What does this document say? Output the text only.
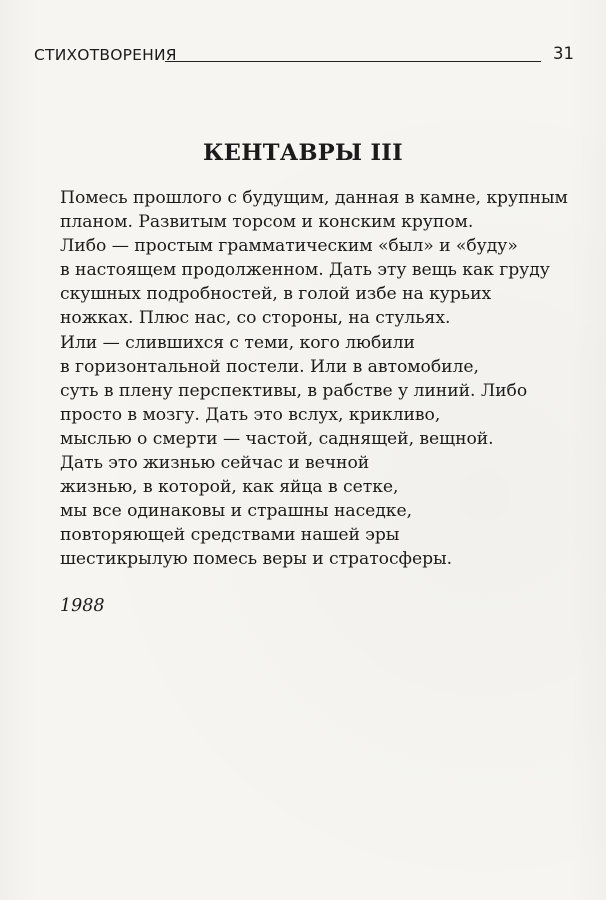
СТИХОТВОРЕНИЯ	31
КЕНТАВРЫ III
Помесь прошлого с будущим, данная в камне, крупным
планом. Развитым торсом и конским крупом.
Либо — простым грамматическим «был» и «буду»
в настоящем продолженном. Дать эту вещь как груду
скушных подробностей, в голой избе на курьих
ножках. Плюс нас, со стороны, на стульях.
Или — слившихся с теми, кого любили
в горизонтальной постели. Или в автомобиле,
суть в плену перспективы, в рабстве у линий. Либо
просто в мозгу. Дать это вслух, крикливо,
мыслью о смерти — частой, саднящей, вещной.
Дать это жизнью сейчас и вечной
жизнью, в которой, как яйца в сетке,
мы все одинаковы и страшны наседке,
повторяющей средствами нашей эры
шестикрылую помесь веры и стратосферы.
1988
